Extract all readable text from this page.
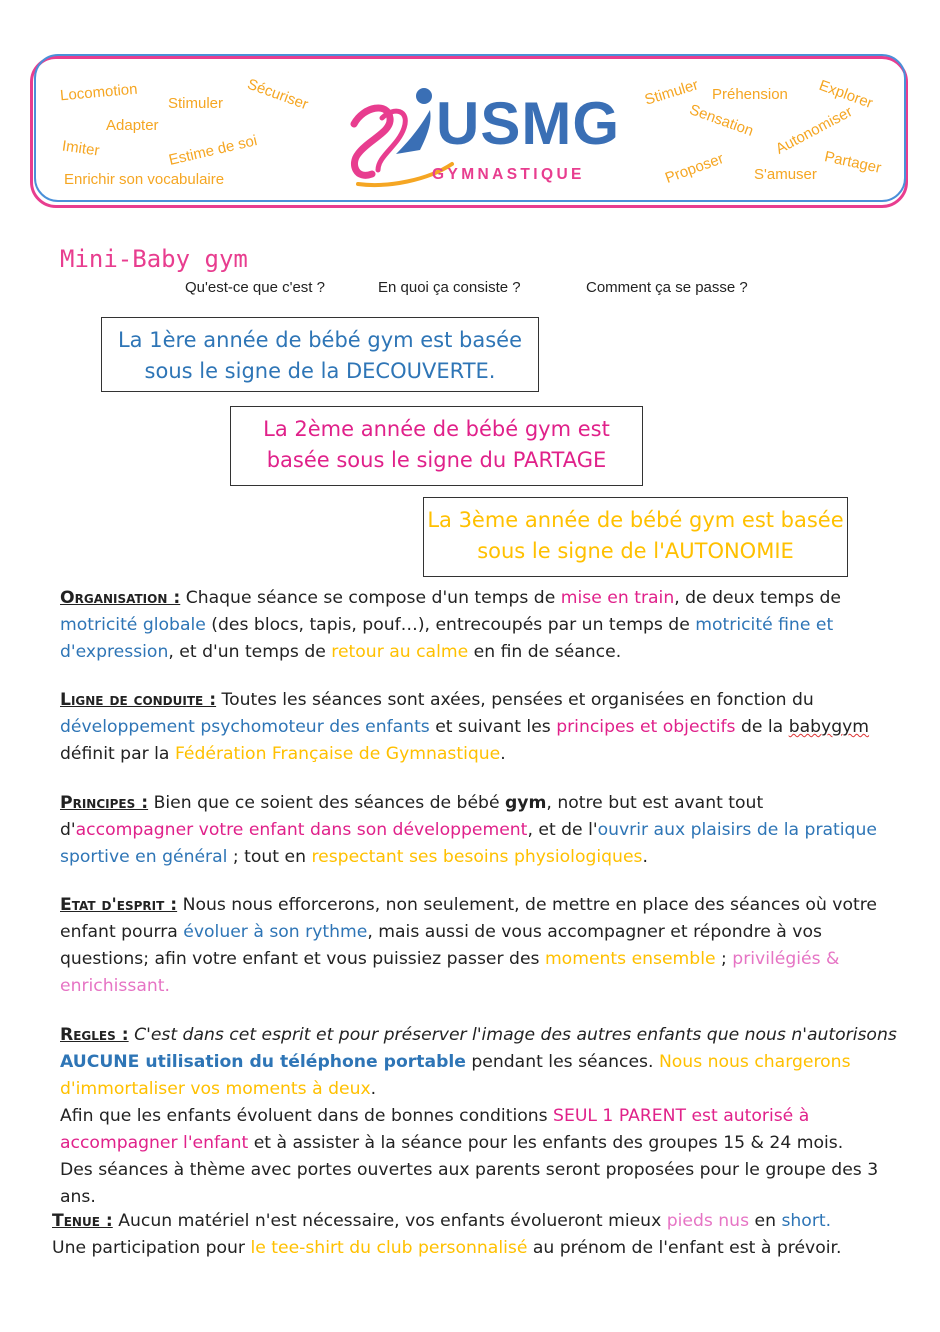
Locomotion	Sécuriser
Stimuler
Adapter
Imiter	Estime de soi
Enrichir son vocabulaire
Stimuler Préhension Explorer
Sensation Autonomiser
Proposer	Partager
S'amuser
USMG
GYMNASTIQUE
Mini-Baby gym
Qu'est-ce que c'est ?	En quoi ça consiste ?	Comment ça se passe ?
La 1ère année de bébé gym est basée
sous le signe de la DECOUVERTE.
La 2ème année de bébé gym est
basée sous le signe du PARTAGE
La 3ème année de bébé gym est basée
sous le signe de l'AUTONOMIE
Organisation : Chaque séance se compose d'un temps de mise en train, de deux temps de motricité globale (des blocs, tapis, pouf…), entrecoupés par un temps de motricité fine et d'expression, et d'un temps de retour au calme en fin de séance.
Ligne de conduite : Toutes les séances sont axées, pensées et organisées en fonction du développement psychomoteur des enfants et suivant les principes et objectifs de la babygym définit par la Fédération Française de Gymnastique.
Principes : Bien que ce soient des séances de bébé gym, notre but est avant tout d'accompagner votre enfant dans son développement, et de l'ouvrir aux plaisirs de la pratique sportive en général ; tout en respectant ses besoins physiologiques.
Etat d'esprit : Nous nous efforcerons, non seulement, de mettre en place des séances où votre enfant pourra évoluer à son rythme, mais aussi de vous accompagner et répondre à vos questions; afin votre enfant et vous puissiez passer des moments ensemble ; privilégiés & enrichissant.
Regles : C'est dans cet esprit et pour préserver l'image des autres enfants que nous n'autorisons AUCUNE utilisation du téléphone portable pendant les séances. Nous nous chargerons d'immortaliser vos moments à deux.
Afin que les enfants évoluent dans de bonnes conditions SEUL 1 PARENT est autorisé à accompagner l'enfant et à assister à la séance pour les enfants des groupes 15 & 24 mois.
Des séances à thème avec portes ouvertes aux parents seront proposées pour le groupe des 3 ans.
Tenue : Aucun matériel n'est nécessaire, vos enfants évolueront mieux pieds nus en short.
Une participation pour le tee-shirt du club personnalisé au prénom de l'enfant est à prévoir.
